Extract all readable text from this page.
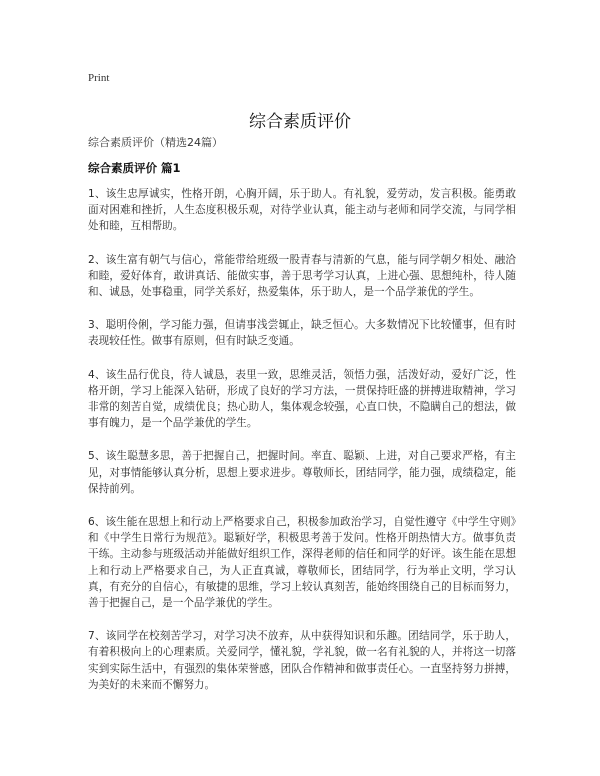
Print
综合素质评价
综合素质评价（精选24篇）
综合素质评价 篇1

1、该生忠厚诚实，性格开朗，心胸开阔，乐于助人。有礼貌，爱劳动，发言积极。能勇敢面对困难和挫折，人生态度积极乐观，对待学业认真，能主动与老师和同学交流，与同学相处和睦，互相帮助。

2、该生富有朝气与信心，常能带给班级一股青春与清新的气息，能与同学朝夕相处、融洽和睦，爱好体育，敢讲真话、能做实事，善于思考学习认真，上进心强、思想纯朴，待人随和、诚恳，处事稳重，同学关系好，热爱集体，乐于助人，是一个品学兼优的学生。

3、聪明伶俐，学习能力强，但请事浅尝辄止，缺乏恒心。大多数情况下比较懂事，但有时表现较任性。做事有原则，但有时缺乏变通。

4、该生品行优良，待人诚恳，表里一致，思维灵活，领悟力强，活泼好动，爱好广泛，性格开朗，学习上能深入钻研，形成了良好的学习方法，一贯保持旺盛的拼搏进取精神，学习非常的刻苦自觉，成绩优良；热心助人，集体观念较强，心直口快，不隐瞒自己的想法，做事有魄力，是一个品学兼优的学生。

5、该生聪慧多思，善于把握自己，把握时间。率直、聪颖、上进，对自己要求严格，有主见，对事情能够认真分析，思想上要求进步。尊敬师长，团结同学，能力强，成绩稳定，能保持前列。

6、该生能在思想上和行动上严格要求自己，积极参加政治学习，自觉性遵守《中学生守则》和《中学生日常行为规范》。聪颖好学，积极思考善于发问。性格开朗热情大方。做事负责干练。主动参与班级活动并能做好组织工作，深得老师的信任和同学的好评。该生能在思想上和行动上严格要求自己，为人正直真诚，尊敬师长，团结同学，行为举止文明，学习认真，有充分的自信心，有敏捷的思维，学习上较认真刻苦，能始终围绕自己的目标而努力，善于把握自己，是一个品学兼优的学生。

7、该同学在校刻苦学习，对学习决不放弃，从中获得知识和乐趣。团结同学，乐于助人，有着积极向上的心理素质。关爱同学，懂礼貌，学礼貌，做一名有礼貌的人，并将这一切落实到实际生活中，有强烈的集体荣誉感，团队合作精神和做事责任心。一直坚持努力拼搏，为美好的未来而不懈努力。
